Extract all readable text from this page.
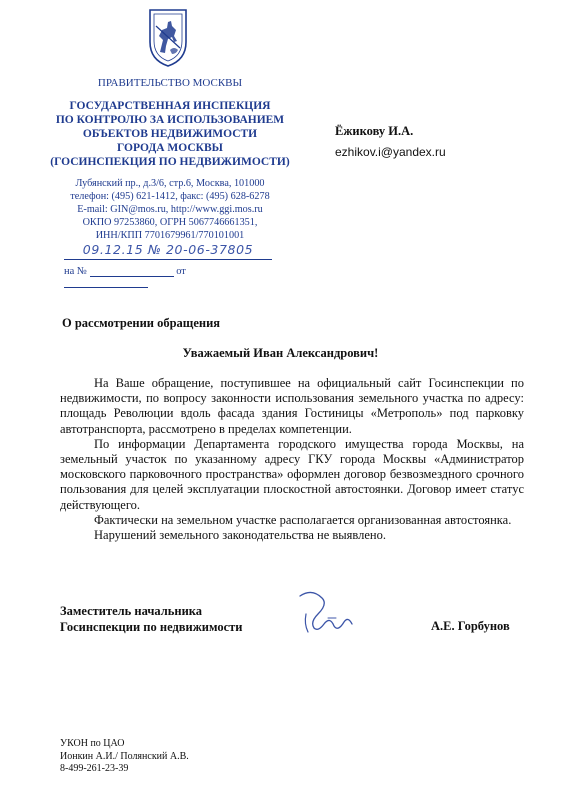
ПРАВИТЕЛЬСТВО МОСКВЫ
ГОСУДАРСТВЕННАЯ ИНСПЕКЦИЯ
ПО КОНТРОЛЮ ЗА ИСПОЛЬЗОВАНИЕМ
ОБЪЕКТОВ НЕДВИЖИМОСТИ
ГОРОДА МОСКВЫ
(ГОСИНСПЕКЦИЯ ПО НЕДВИЖИМОСТИ)
Лубянский пр., д.3/6, стр.6, Москва, 101000
телефон: (495) 621-1412, факс: (495) 628-6278
E-mail: GIN@mos.ru, http://www.ggi.mos.ru
ОКПО 97253860, ОГРН 5067746661351,
ИНН/КПП 7701679961/770101001
09.12.15 № 20-06-37805
на №	от
Ёжикову И.А.
ezhikov.i@yandex.ru
О рассмотрении обращения
Уважаемый Иван Александрович!

На Ваше обращение, поступившее на официальный сайт Госинспекции по недвижимости, по вопросу законности использования земельного участка по адресу: площадь Революции вдоль фасада здания Гостиницы «Метрополь» под парковку автотранспорта, рассмотрено в пределах компетенции.

По информации Департамента городского имущества города Москвы, на земельный участок по указанному адресу ГКУ города Москвы «Администратор московского парковочного пространства» оформлен договор безвозмездного срочного пользования для целей эксплуатации плоскостной автостоянки. Договор имеет статус действующего.

Фактически на земельном участке располагается организованная автостоянка.

Нарушений земельного законодательства не выявлено.

Заместитель начальника
Госинспекции по недвижимости	А.Е. Горбунов
УКОН по ЦАО
Ионкин А.И./ Полянский А.В.
8-499-261-23-39
